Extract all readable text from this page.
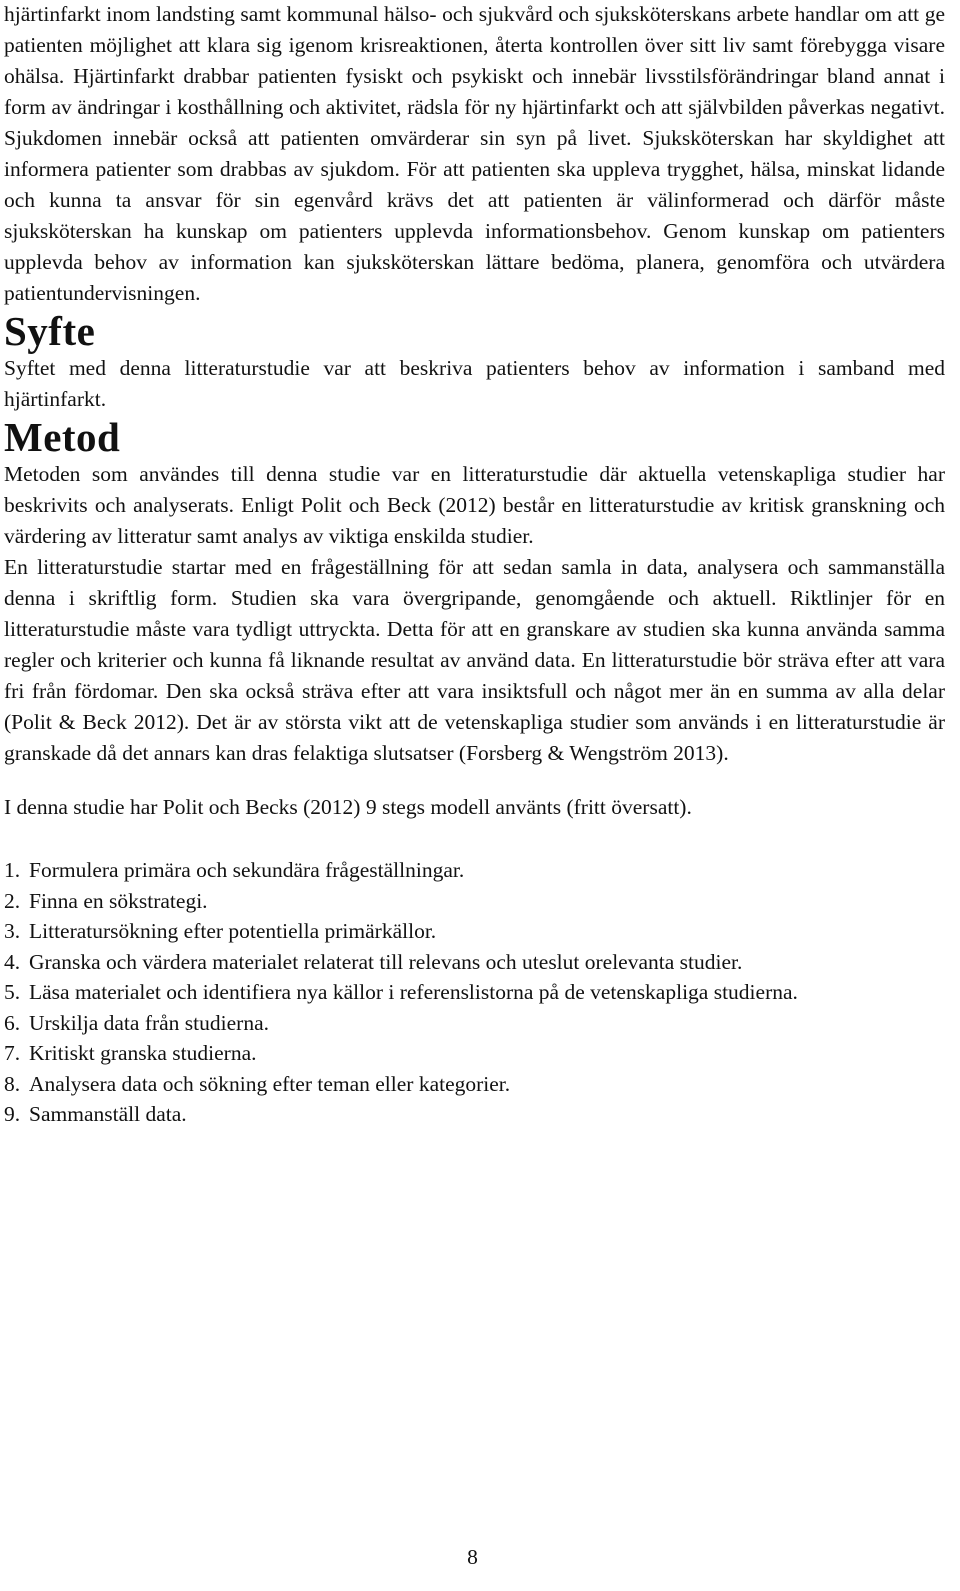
hjärtinfarkt inom landsting samt kommunal hälso- och sjukvård och sjuksköterskans arbete handlar om att ge patienten möjlighet att klara sig igenom krisreaktionen, återta kontrollen över sitt liv samt förebygga visare ohälsa. Hjärtinfarkt drabbar patienten fysiskt och psykiskt och innebär livsstilsförändringar bland annat i form av ändringar i kosthållning och aktivitet, rädsla för ny hjärtinfarkt och att självbilden påverkas negativt. Sjukdomen innebär också att patienten omvärderar sin syn på livet. Sjuksköterskan har skyldighet att informera patienter som drabbas av sjukdom. För att patienten ska uppleva trygghet, hälsa, minskat lidande och kunna ta ansvar för sin egenvård krävs det att patienten är välinformerad och därför måste sjuksköterskan ha kunskap om patienters upplevda informationsbehov. Genom kunskap om patienters upplevda behov av information kan sjuksköterskan lättare bedöma, planera, genomföra och utvärdera patientundervisningen.

Syfte

Syftet med denna litteraturstudie var att beskriva patienters behov av information i samband med hjärtinfarkt.

Metod

Metoden som användes till denna studie var en litteraturstudie där aktuella vetenskapliga studier har beskrivits och analyserats. Enligt Polit och Beck (2012) består en litteraturstudie av kritisk granskning och värdering av litteratur samt analys av viktiga enskilda studier.

En litteraturstudie startar med en frågeställning för att sedan samla in data, analysera och sammanställa denna i skriftlig form. Studien ska vara övergripande, genomgående och aktuell. Riktlinjer för en litteraturstudie måste vara tydligt uttryckta. Detta för att en granskare av studien ska kunna använda samma regler och kriterier och kunna få liknande resultat av använd data. En litteraturstudie bör sträva efter att vara fri från fördomar. Den ska också sträva efter att vara insiktsfull och något mer än en summa av alla delar (Polit & Beck 2012). Det är av största vikt att de vetenskapliga studier som används i en litteraturstudie är granskade då det annars kan dras felaktiga slutsatser (Forsberg & Wengström 2013).

I denna studie har Polit och Becks (2012) 9 stegs modell använts (fritt översatt).

1. Formulera primära och sekundära frågeställningar.
2. Finna en sökstrategi.
3. Litteratursökning efter potentiella primärkällor.
4. Granska och värdera materialet relaterat till relevans och uteslut orelevanta studier.
5. Läsa materialet och identifiera nya källor i referenslistorna på de vetenskapliga studierna.
6. Urskilja data från studierna.
7. Kritiskt granska studierna.
8. Analysera data och sökning efter teman eller kategorier.
9. Sammanställ data.
8
